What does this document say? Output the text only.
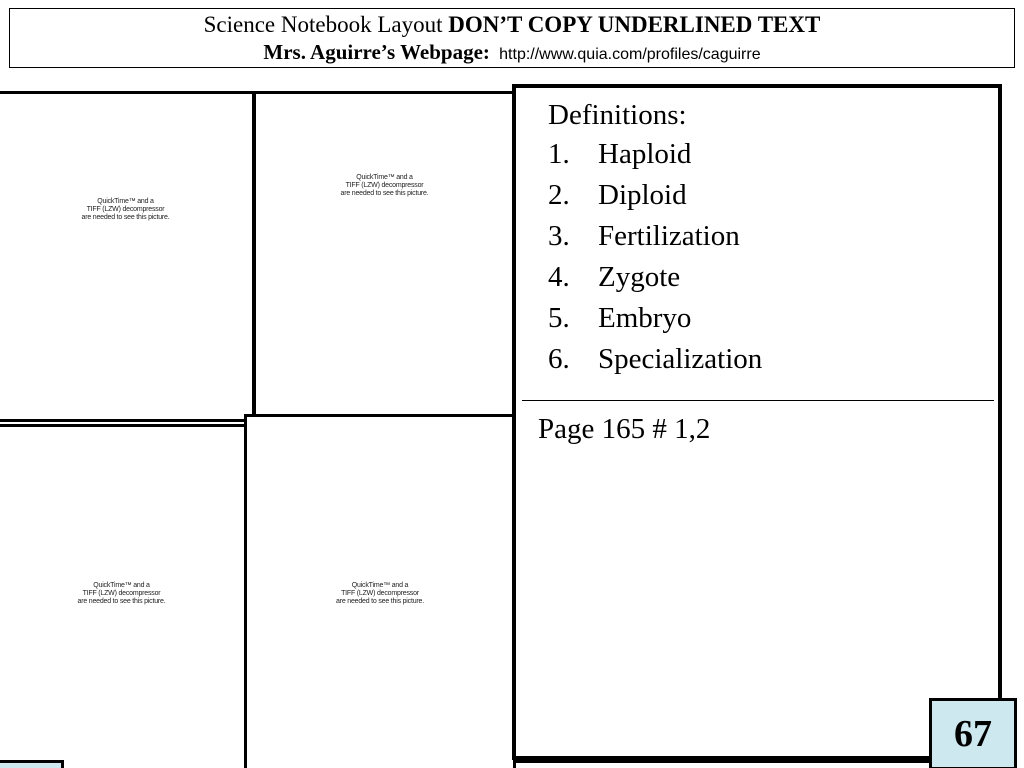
Science Notebook Layout DON’T COPY UNDERLINED TEXT
Mrs. Aguirre’s Webpage: http://www.quia.com/profiles/caguirre
QuickTime™ and a
TIFF (LZW) decompressor
are needed to see this picture.
QuickTime™ and a
TIFF (LZW) decompressor
are needed to see this picture.
QuickTime™ and a
TIFF (LZW) decompressor
are needed to see this picture.
QuickTime™ and a
TIFF (LZW) decompressor
are needed to see this picture.
Definitions:
1. Haploid
2. Diploid
3. Fertilization
4. Zygote
5. Embryo
6. Specialization
Page 165 # 1,2
67
